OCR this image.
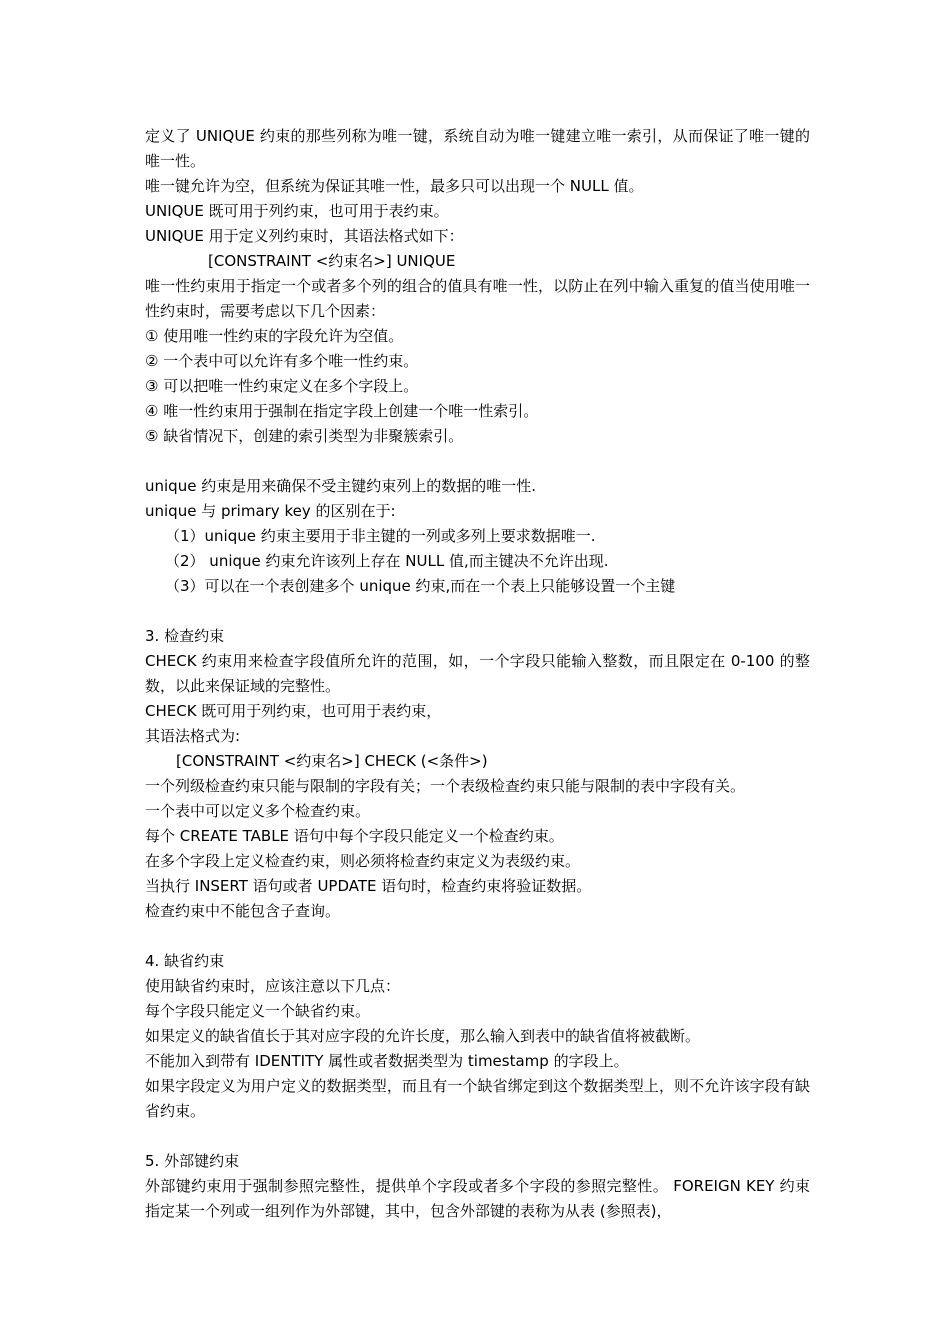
定义了 UNIQUE 约束的那些列称为唯一键，系统自动为唯一键建立唯一索引，从而保证了唯一键的唯一性。
唯一键允许为空，但系统为保证其唯一性，最多只可以出现一个 NULL 值。
UNIQUE 既可用于列约束，也可用于表约束。
UNIQUE 用于定义列约束时，其语法格式如下：
[CONSTRAINT <约束名>] UNIQUE
唯一性约束用于指定一个或者多个列的组合的值具有唯一性，以防止在列中输入重复的值当使用唯一性约束时，需要考虑以下几个因素：
① 使用唯一性约束的字段允许为空值。
② 一个表中可以允许有多个唯一性约束。
③ 可以把唯一性约束定义在多个字段上。
④ 唯一性约束用于强制在指定字段上创建一个唯一性索引。
⑤ 缺省情况下，创建的索引类型为非聚簇索引。
unique 约束是用来确保不受主键约束列上的数据的唯一性.
unique 与 primary key 的区别在于:
（1）unique 约束主要用于非主键的一列或多列上要求数据唯一.
（2） unique 约束允许该列上存在 NULL 值,而主键决不允许出现.
（3）可以在一个表创建多个 unique 约束,而在一个表上只能够设置一个主键
3. 检查约束
CHECK 约束用来检查字段值所允许的范围，如，一个字段只能输入整数，而且限定在 0-100 的整数，以此来保证域的完整性。
CHECK 既可用于列约束，也可用于表约束，
其语法格式为:
[CONSTRAINT <约束名>] CHECK (<条件>)
一个列级检查约束只能与限制的字段有关；一个表级检查约束只能与限制的表中字段有关。
一个表中可以定义多个检查约束。
每个 CREATE TABLE 语句中每个字段只能定义一个检查约束。
在多个字段上定义检查约束，则必须将检查约束定义为表级约束。
当执行 INSERT 语句或者 UPDATE 语句时，检查约束将验证数据。
检查约束中不能包含子查询。
4. 缺省约束
使用缺省约束时，应该注意以下几点：
每个字段只能定义一个缺省约束。
如果定义的缺省值长于其对应字段的允许长度，那么输入到表中的缺省值将被截断。
不能加入到带有 IDENTITY 属性或者数据类型为 timestamp 的字段上。
如果字段定义为用户定义的数据类型，而且有一个缺省绑定到这个数据类型上，则不允许该字段有缺省约束。
5. 外部键约束
外部键约束用于强制参照完整性，提供单个字段或者多个字段的参照完整性。 FOREIGN KEY 约束指定某一个列或一组列作为外部键，其中，包含外部键的表称为从表 (参照表)，
